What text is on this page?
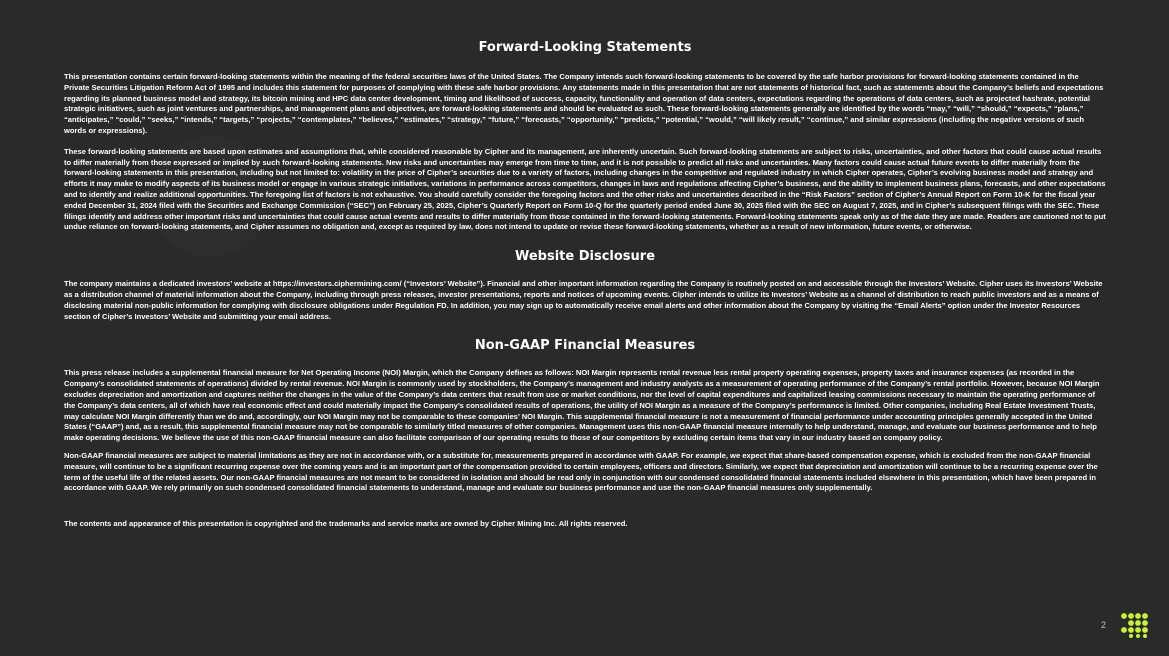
Forward-Looking Statements

This presentation contains certain forward-looking statements within the meaning of the federal securities laws of the United States. The Company intends such forward-looking statements to be covered by the safe harbor provisions for forward-looking statements contained in the Private Securities Litigation Reform Act of 1995 and includes this statement for purposes of complying with these safe harbor provisions. Any statements made in this presentation that are not statements of historical fact, such as statements about the Company’s beliefs and expectations regarding its planned business model and strategy, its bitcoin mining and HPC data center development, timing and likelihood of success, capacity, functionality and operation of data centers, expectations regarding the operations of data centers, such as projected hashrate, potential strategic initiatives, such as joint ventures and partnerships, and management plans and objectives, are forward-looking statements and should be evaluated as such. These forward-looking statements generally are identified by the words “may,” “will,” “should,” “expects,” “plans,” “anticipates,” “could,” “seeks,” “intends,” “targets,” “projects,” “contemplates,” “believes,” “estimates,” “strategy,” “future,” “forecasts,” “opportunity,” “predicts,” “potential,” “would,” “will likely result,” “continue,” and similar expressions (including the negative versions of such words or expressions).

These forward-looking statements are based upon estimates and assumptions that, while considered reasonable by Cipher and its management, are inherently uncertain. Such forward-looking statements are subject to risks, uncertainties, and other factors that could cause actual results to differ materially from those expressed or implied by such forward-looking statements. New risks and uncertainties may emerge from time to time, and it is not possible to predict all risks and uncertainties. Many factors could cause actual future events to differ materially from the forward-looking statements in this presentation, including but not limited to: volatility in the price of Cipher’s securities due to a variety of factors, including changes in the competitive and regulated industry in which Cipher operates, Cipher’s evolving business model and strategy and efforts it may make to modify aspects of its business model or engage in various strategic initiatives, variations in performance across competitors, changes in laws and regulations affecting Cipher’s business, and the ability to implement business plans, forecasts, and other expectations and to identify and realize additional opportunities. The foregoing list of factors is not exhaustive. You should carefully consider the foregoing factors and the other risks and uncertainties described in the “Risk Factors” section of Cipher’s Annual Report on Form 10-K for the fiscal year ended December 31, 2024 filed with the Securities and Exchange Commission (“SEC”) on February 25, 2025, Cipher’s Quarterly Report on Form 10-Q for the quarterly period ended June 30, 2025 filed with the SEC on August 7, 2025, and in Cipher’s subsequent filings with the SEC. These filings identify and address other important risks and uncertainties that could cause actual events and results to differ materially from those contained in the forward-looking statements. Forward-looking statements speak only as of the date they are made. Readers are cautioned not to put undue reliance on forward-looking statements, and Cipher assumes no obligation and, except as required by law, does not intend to update or revise these forward-looking statements, whether as a result of new information, future events, or otherwise.

Website Disclosure

The company maintains a dedicated investors’ website at https://investors.ciphermining.com/ (“Investors’ Website”). Financial and other important information regarding the Company is routinely posted on and accessible through the Investors’ Website. Cipher uses its Investors’ Website as a distribution channel of material information about the Company, including through press releases, investor presentations, reports and notices of upcoming events. Cipher intends to utilize its Investors’ Website as a channel of distribution to reach public investors and as a means of disclosing material non-public information for complying with disclosure obligations under Regulation FD. In addition, you may sign up to automatically receive email alerts and other information about the Company by visiting the “Email Alerts” option under the Investor Resources section of Cipher’s Investors’ Website and submitting your email address.

Non-GAAP Financial Measures

This press release includes a supplemental financial measure for Net Operating Income (NOI) Margin, which the Company defines as follows: NOI Margin represents rental revenue less rental property operating expenses, property taxes and insurance expenses (as recorded in the Company’s consolidated statements of operations) divided by rental revenue. NOI Margin is commonly used by stockholders, the Company’s management and industry analysts as a measurement of operating performance of the Company’s rental portfolio. However, because NOI Margin excludes depreciation and amortization and captures neither the changes in the value of the Company’s data centers that result from use or market conditions, nor the level of capital expenditures and capitalized leasing commissions necessary to maintain the operating performance of the Company’s data centers, all of which have real economic effect and could materially impact the Company’s consolidated results of operations, the utility of NOI Margin as a measure of the Company’s performance is limited. Other companies, including Real Estate Investment Trusts, may calculate NOI Margin differently than we do and, accordingly, our NOI Margin may not be comparable to these companies’ NOI Margin. This supplemental financial measure is not a measurement of financial performance under accounting principles generally accepted in the United States (“GAAP”) and, as a result, this supplemental financial measure may not be comparable to similarly titled measures of other companies. Management uses this non-GAAP financial measure internally to help understand, manage, and evaluate our business performance and to help make operating decisions. We believe the use of this non-GAAP financial measure can also facilitate comparison of our operating results to those of our competitors by excluding certain items that vary in our industry based on company policy.

Non-GAAP financial measures are subject to material limitations as they are not in accordance with, or a substitute for, measurements prepared in accordance with GAAP. For example, we expect that share-based compensation expense, which is excluded from the non-GAAP financial measure, will continue to be a significant recurring expense over the coming years and is an important part of the compensation provided to certain employees, officers and directors. Similarly, we expect that depreciation and amortization will continue to be a recurring expense over the term of the useful life of the related assets. Our non-GAAP financial measures are not meant to be considered in isolation and should be read only in conjunction with our condensed consolidated financial statements included elsewhere in this presentation, which have been prepared in accordance with GAAP. We rely primarily on such condensed consolidated financial statements to understand, manage and evaluate our business performance and use the non-GAAP financial measures only supplementally.

The contents and appearance of this presentation is copyrighted and the trademarks and service marks are owned by Cipher Mining Inc. All rights reserved.

2
